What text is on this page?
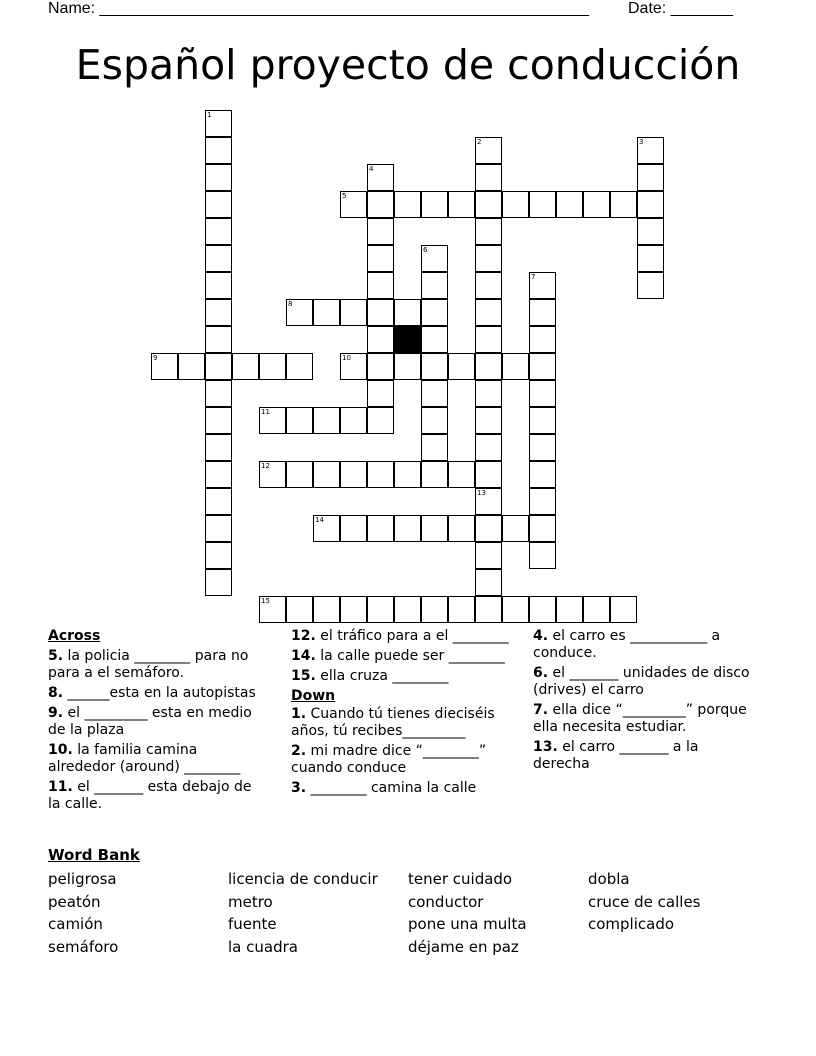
Name: _______________________________________________________ Date: _______
Español proyecto de conducción
1
2	3
4
5
6
7
8
9	10
11
12
13
14
15

Across

5. la policia ________ para no para a el semáforo.

8. ______esta en la autopistas

9. el _________ esta en medio de la plaza

10. la familia camina alrededor (around) ________

11. el _______ esta debajo de la calle.

12. el tráfico para a el ________

14. la calle puede ser ________

15. ella cruza ________

Down

1. Cuando tú tienes dieciséis años, tú recibes_________

2. mi madre dice “________” cuando conduce

3. ________ camina la calle

4. el carro es ___________ a conduce.

6. el _______ unidades de disco (drives) el carro

7. ella dice “_________” porque ella necesita estudiar.

13. el carro _______ a la derecha

Word Bank
peligrosa
peatón
camión
semáforo
licencia de conducir
metro
fuente
la cuadra
tener cuidado
conductor
pone una multa
déjame en paz
dobla
cruce de calles
complicado
